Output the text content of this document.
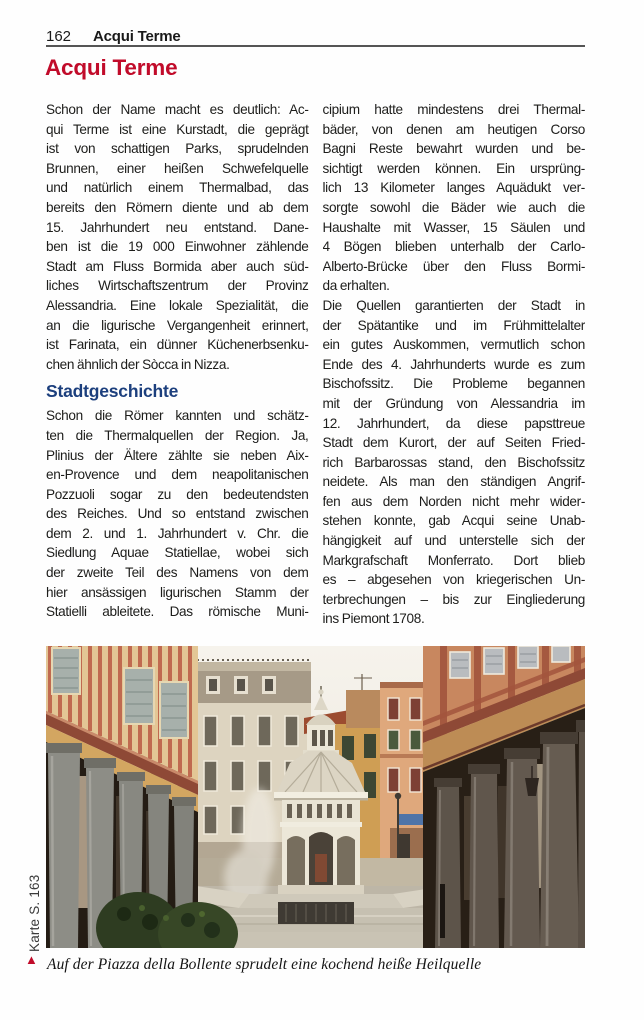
162 Acqui Terme
Acqui Terme
Schon der Name macht es deutlich: Ac-
qui Terme ist eine Kurstadt, die geprägt
ist von schattigen Parks, sprudelnden
Brunnen, einer heißen Schwefelquelle
und natürlich einem Thermalbad, das
bereits den Römern diente und ab dem
15. Jahrhundert neu entstand. Dane-
ben ist die 19 000 Einwohner zählende
Stadt am Fluss Bormida aber auch süd-
liches Wirtschaftszentrum der Provinz
Alessandria. Eine lokale Spezialität, die
an die ligurische Vergangenheit erinnert,
ist Farinata, ein dünner Küchenerbsenku-
chen ähnlich der Sòcca in Nizza.
Stadtgeschichte
Schon die Römer kannten und schätz-
ten die Thermalquellen der Region. Ja,
Plinius der Ältere zählte sie neben Aix-
en-Provence und dem neapolitanischen
Pozzuoli sogar zu den bedeutendsten
des Reiches. Und so entstand zwischen
dem 2. und 1. Jahrhundert v. Chr. die
Siedlung Aquae Statiellae, wobei sich
der zweite Teil des Namens von dem
hier ansässigen ligurischen Stamm der
Statielli ableitete. Das römische Muni-
cipium hatte mindestens drei Thermal-
bäder, von denen am heutigen Corso
Bagni Reste bewahrt wurden und be-
sichtigt werden können. Ein ursprüng-
lich 13 Kilometer langes Aquädukt ver-
sorgte sowohl die Bäder wie auch die
Haushalte mit Wasser, 15 Säulen und
4 Bögen blieben unterhalb der Carlo-
Alberto-Brücke über den Fluss Bormi-
da erhalten.
Die Quellen garantierten der Stadt in
der Spätantike und im Frühmittelalter
ein gutes Auskommen, vermutlich schon
Ende des 4. Jahrhunderts wurde es zum
Bischofssitz. Die Probleme begannen
mit der Gründung von Alessandria im
12. Jahrhundert, da diese papsttreue
Stadt dem Kurort, der auf Seiten Fried-
rich Barbarossas stand, den Bischofssitz
neidete. Als man den ständigen Angrif-
fen aus dem Norden nicht mehr wider-
stehen konnte, gab Acqui seine Unab-
hängigkeit auf und unterstelle sich der
Markgrafschaft Monferrato. Dort blieb
es – abgesehen von kriegerischen Un-
terbrechungen – bis zur Eingliederung
ins Piemont 1708.
Auf der Piazza della Bollente sprudelt eine kochend heiße Heilquelle
▲
Karte S. 163
